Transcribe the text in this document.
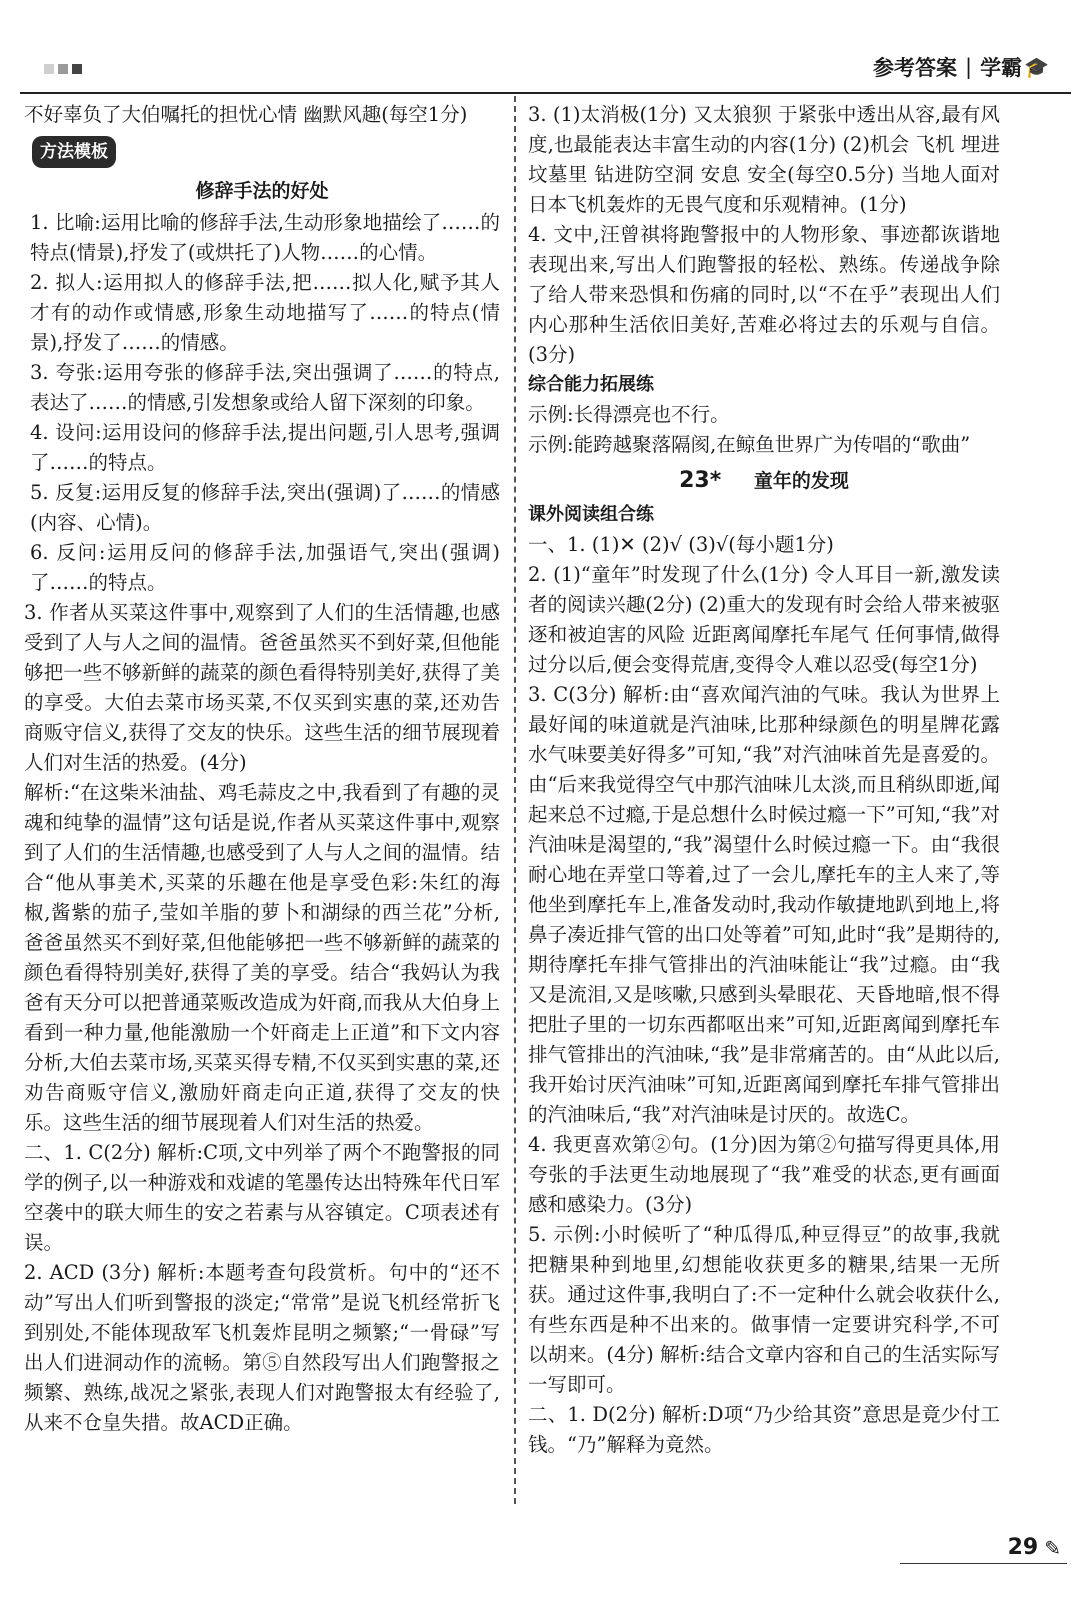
参考答案 | 学霸 🎓

不好辜负了大伯嘱托的担忧心情 幽默风趣(每空1分)

方法模板
修辞手法的好处

1. 比喻:运用比喻的修辞手法,生动形象地描绘了……的特点(情景),抒发了(或烘托了)人物……的心情。

2. 拟人:运用拟人的修辞手法,把……拟人化,赋予其人才有的动作或情感,形象生动地描写了……的特点(情景),抒发了……的情感。

3. 夸张:运用夸张的修辞手法,突出强调了……的特点,表达了……的情感,引发想象或给人留下深刻的印象。

4. 设问:运用设问的修辞手法,提出问题,引人思考,强调了……的特点。

5. 反复:运用反复的修辞手法,突出(强调)了……的情感(内容、心情)。

6. 反问:运用反问的修辞手法,加强语气,突出(强调)了……的特点。

3. 作者从买菜这件事中,观察到了人们的生活情趣,也感受到了人与人之间的温情。爸爸虽然买不到好菜,但他能够把一些不够新鲜的蔬菜的颜色看得特别美好,获得了美的享受。大伯去菜市场买菜,不仅买到实惠的菜,还劝告商贩守信义,获得了交友的快乐。这些生活的细节展现着人们对生活的热爱。(4分)

解析:“在这柴米油盐、鸡毛蒜皮之中,我看到了有趣的灵魂和纯挚的温情”这句话是说,作者从买菜这件事中,观察到了人们的生活情趣,也感受到了人与人之间的温情。结合“他从事美术,买菜的乐趣在他是享受色彩:朱红的海椒,酱紫的茄子,莹如羊脂的萝卜和湖绿的西兰花”分析,爸爸虽然买不到好菜,但他能够把一些不够新鲜的蔬菜的颜色看得特别美好,获得了美的享受。结合“我妈认为我爸有天分可以把普通菜贩改造成为奸商,而我从大伯身上看到一种力量,他能激励一个奸商走上正道”和下文内容分析,大伯去菜市场,买菜买得专精,不仅买到实惠的菜,还劝告商贩守信义,激励奸商走向正道,获得了交友的快乐。这些生活的细节展现着人们对生活的热爱。

二、1. C(2分) 解析:C项,文中列举了两个不跑警报的同学的例子,以一种游戏和戏谑的笔墨传达出特殊年代日军空袭中的联大师生的安之若素与从容镇定。C项表述有误。

2. ACD (3分) 解析:本题考查句段赏析。句中的“还不动”写出人们听到警报的淡定;“常常”是说飞机经常折飞到别处,不能体现敌军飞机轰炸昆明之频繁;“一骨碌”写出人们进洞动作的流畅。第⑤自然段写出人们跑警报之频繁、熟练,战况之紧张,表现人们对跑警报太有经验了,从来不仓皇失措。故ACD正确。

3. (1)太消极(1分) 又太狼狈 于紧张中透出从容,最有风度,也最能表达丰富生动的内容(1分) (2)机会 飞机 埋进坟墓里 钻进防空洞 安息 安全(每空0.5分) 当地人面对日本飞机轰炸的无畏气度和乐观精神。(1分)

4. 文中,汪曾祺将跑警报中的人物形象、事迹都诙谐地表现出来,写出人们跑警报的轻松、熟练。传递战争除了给人带来恐惧和伤痛的同时,以“不在乎”表现出人们内心那种生活依旧美好,苦难必将过去的乐观与自信。(3分)

综合能力拓展练

示例:长得漂亮也不行。

示例:能跨越聚落隔阂,在鲸鱼世界广为传唱的“歌曲”

23* 童年的发现
课外阅读组合练

一、1. (1)✕ (2)√ (3)√(每小题1分)

2. (1)“童年”时发现了什么(1分) 令人耳目一新,激发读者的阅读兴趣(2分) (2)重大的发现有时会给人带来被驱逐和被迫害的风险 近距离闻摩托车尾气 任何事情,做得过分以后,便会变得荒唐,变得令人难以忍受(每空1分)

3. C(3分) 解析:由“喜欢闻汽油的气味。我认为世界上最好闻的味道就是汽油味,比那种绿颜色的明星牌花露水气味要美好得多”可知,“我”对汽油味首先是喜爱的。由“后来我觉得空气中那汽油味儿太淡,而且稍纵即逝,闻起来总不过瘾,于是总想什么时候过瘾一下”可知,“我”对汽油味是渴望的,“我”渴望什么时候过瘾一下。由“我很耐心地在弄堂口等着,过了一会儿,摩托车的主人来了,等他坐到摩托车上,准备发动时,我动作敏捷地趴到地上,将鼻子凑近排气管的出口处等着”可知,此时“我”是期待的,期待摩托车排气管排出的汽油味能让“我”过瘾。由“我又是流泪,又是咳嗽,只感到头晕眼花、天昏地暗,恨不得把肚子里的一切东西都呕出来”可知,近距离闻到摩托车排气管排出的汽油味,“我”是非常痛苦的。由“从此以后,我开始讨厌汽油味”可知,近距离闻到摩托车排气管排出的汽油味后,“我”对汽油味是讨厌的。故选C。

4. 我更喜欢第②句。(1分)因为第②句描写得更具体,用夸张的手法更生动地展现了“我”难受的状态,更有画面感和感染力。(3分)

5. 示例:小时候听了“种瓜得瓜,种豆得豆”的故事,我就把糖果种到地里,幻想能收获更多的糖果,结果一无所获。通过这件事,我明白了:不一定种什么就会收获什么,有些东西是种不出来的。做事情一定要讲究科学,不可以胡来。(4分) 解析:结合文章内容和自己的生活实际写一写即可。

二、1. D(2分) 解析:D项“乃少给其资”意思是竟少付工钱。“乃”解释为竟然。

29 ✎
